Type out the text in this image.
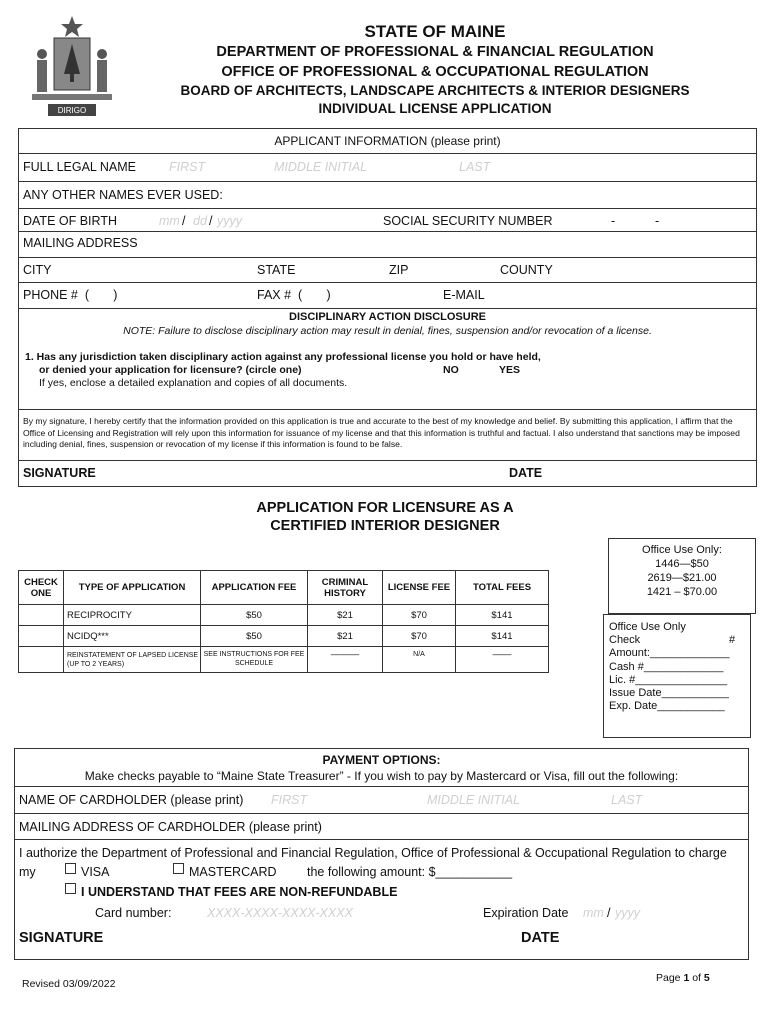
DIRIGO
STATE OF MAINE
DEPARTMENT OF PROFESSIONAL & FINANCIAL REGULATION
OFFICE OF PROFESSIONAL & OCCUPATIONAL REGULATION
BOARD OF ARCHITECTS, LANDSCAPE ARCHITECTS & INTERIOR DESIGNERS
INDIVIDUAL LICENSE APPLICATION
APPLICANT INFORMATION (please print)
FULL LEGAL NAME	FIRST	MIDDLE INITIAL	LAST
ANY OTHER NAMES EVER USED:
DATE OF BIRTH	mm / dd / yyyy	SOCIAL SECURITY NUMBER	-	-
MAILING ADDRESS
CITY	STATE	ZIP	COUNTY
PHONE #  (       )	FAX #  (       )	E-MAIL
DISCIPLINARY ACTION DISCLOSURE
NOTE: Failure to disclose disciplinary action may result in denial, fines, suspension and/or revocation of a license.
1. Has any jurisdiction taken disciplinary action against any professional license you hold or have held,
or denied your application for licensure? (circle one)	NO	YES
If yes, enclose a detailed explanation and copies of all documents.
By my signature, I hereby certify that the information provided on this application is true and accurate to the best of my knowledge and belief. By submitting this application, I affirm that the Office of Licensing and Registration will rely upon this information for issuance of my license and that this information is truthful and factual. I also understand that sanctions may be imposed including denial, fines, suspension or revocation of my license if this information is found to be false.
SIGNATURE	DATE
APPLICATION FOR LICENSURE AS A
CERTIFIED INTERIOR DESIGNER
Office Use Only:
1446—$50
2619—$21.00
1421 – $70.00
CHECK ONE	TYPE OF APPLICATION	APPLICATION FEE	CRIMINAL HISTORY	LICENSE FEE	TOTAL FEES
	RECIPROCITY	$50	$21	$70	$141
	NCIDQ***	$50	$21	$70	$141
	REINSTATEMENT OF LAPSED LICENSE (UP TO 2 YEARS)	SEE INSTRUCTIONS FOR FEE SCHEDULE	———	N/A	——
Office Use Only
Check	#
Amount:_____________
Cash #_____________
Lic. #_______________
Issue Date___________
Exp. Date___________
PAYMENT OPTIONS:
Make checks payable to “Maine State Treasurer” - If you wish to pay by Mastercard or Visa, fill out the following:
NAME OF CARDHOLDER (please print) FIRST	MIDDLE INITIAL	LAST
MAILING ADDRESS OF CARDHOLDER (please print)
I authorize the Department of Professional and Financial Regulation, Office of Professional & Occupational Regulation to charge
my	VISA	MASTERCARD the following amount: $___________
I UNDERSTAND THAT FEES ARE NON-REFUNDABLE
Card number:	XXXX-XXXX-XXXX-XXXX	Expiration Date mm / yyyy
SIGNATURE	DATE
Revised 03/09/2022	Page 1 of 5
